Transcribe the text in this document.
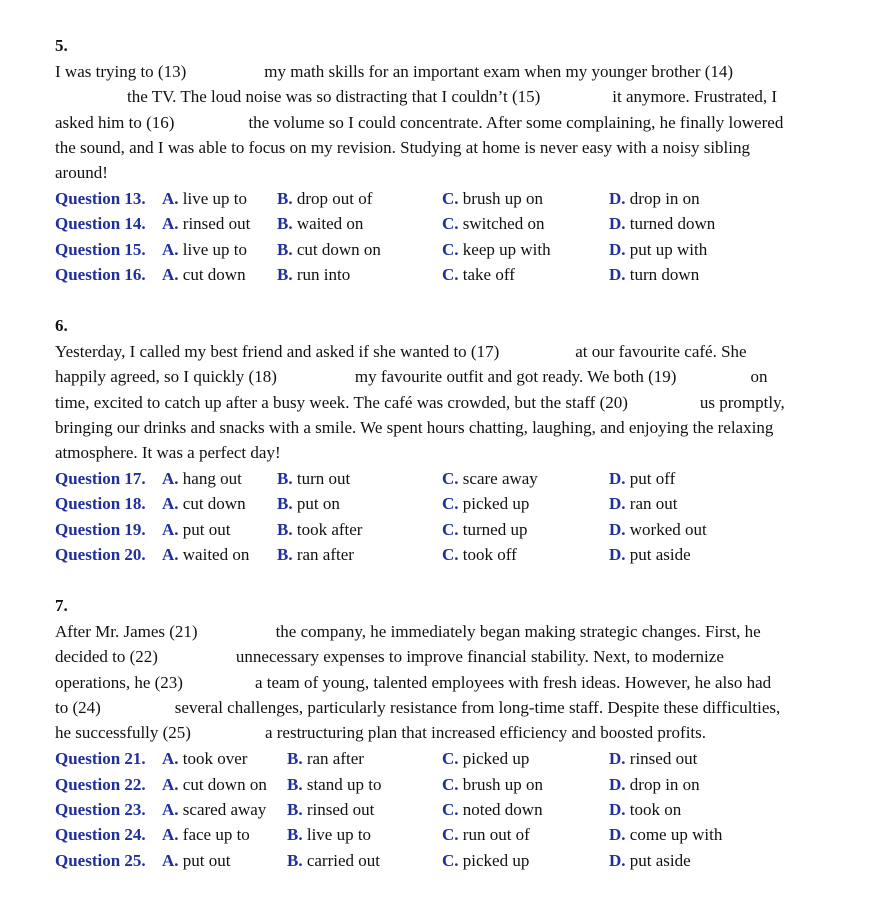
5.
I was trying to (13)	my math skills for an important exam when my younger brother (14)
the TV. The loud noise was so distracting that I couldn’t (15)	it anymore. Frustrated, I
asked him to (16)	the volume so I could concentrate. After some complaining, he finally lowered
the sound, and I was able to focus on my revision. Studying at home is never easy with a noisy sibling
around!
Question 13. A. live up to B. drop out of	C. brush up on	D. drop in on
Question 14. A. rinsed out B. waited on	C. switched on	D. turned down
Question 15. A. live up to B. cut down on	C. keep up with	D. put up with
Question 16. A. cut down B. run into	C. take off	D. turn down
6.
Yesterday, I called my best friend and asked if she wanted to (17)	at our favourite café. She
happily agreed, so I quickly (18)	my favourite outfit and got ready. We both (19)	on
time, excited to catch up after a busy week. The café was crowded, but the staff (20)	us promptly,
bringing our drinks and snacks with a smile. We spent hours chatting, laughing, and enjoying the relaxing
atmosphere. It was a perfect day!
Question 17. A. hang out B. turn out	C. scare away	D. put off
Question 18. A. cut down B. put on	C. picked up	D. ran out
Question 19. A. put out	B. took after	C. turned up	D. worked out
Question 20. A. waited on B. ran after	C. took off	D. put aside
7.
After Mr. James (21)	the company, he immediately began making strategic changes. First, he
decided to (22)	unnecessary expenses to improve financial stability. Next, to modernize
operations, he (23)	a team of young, talented employees with fresh ideas. However, he also had
to (24)	several challenges, particularly resistance from long-time staff. Despite these difficulties,
he successfully (25)	a restructuring plan that increased efficiency and boosted profits.
Question 21. A. took over B. ran after	C. picked up	D. rinsed out
Question 22. A. cut down on B. stand up to	C. brush up on	D. drop in on
Question 23. A. scared away B. rinsed out	C. noted down	D. took on
Question 24. A. face up to B. live up to	C. run out of	D. come up with
Question 25. A. put out	B. carried out	C. picked up	D. put aside
